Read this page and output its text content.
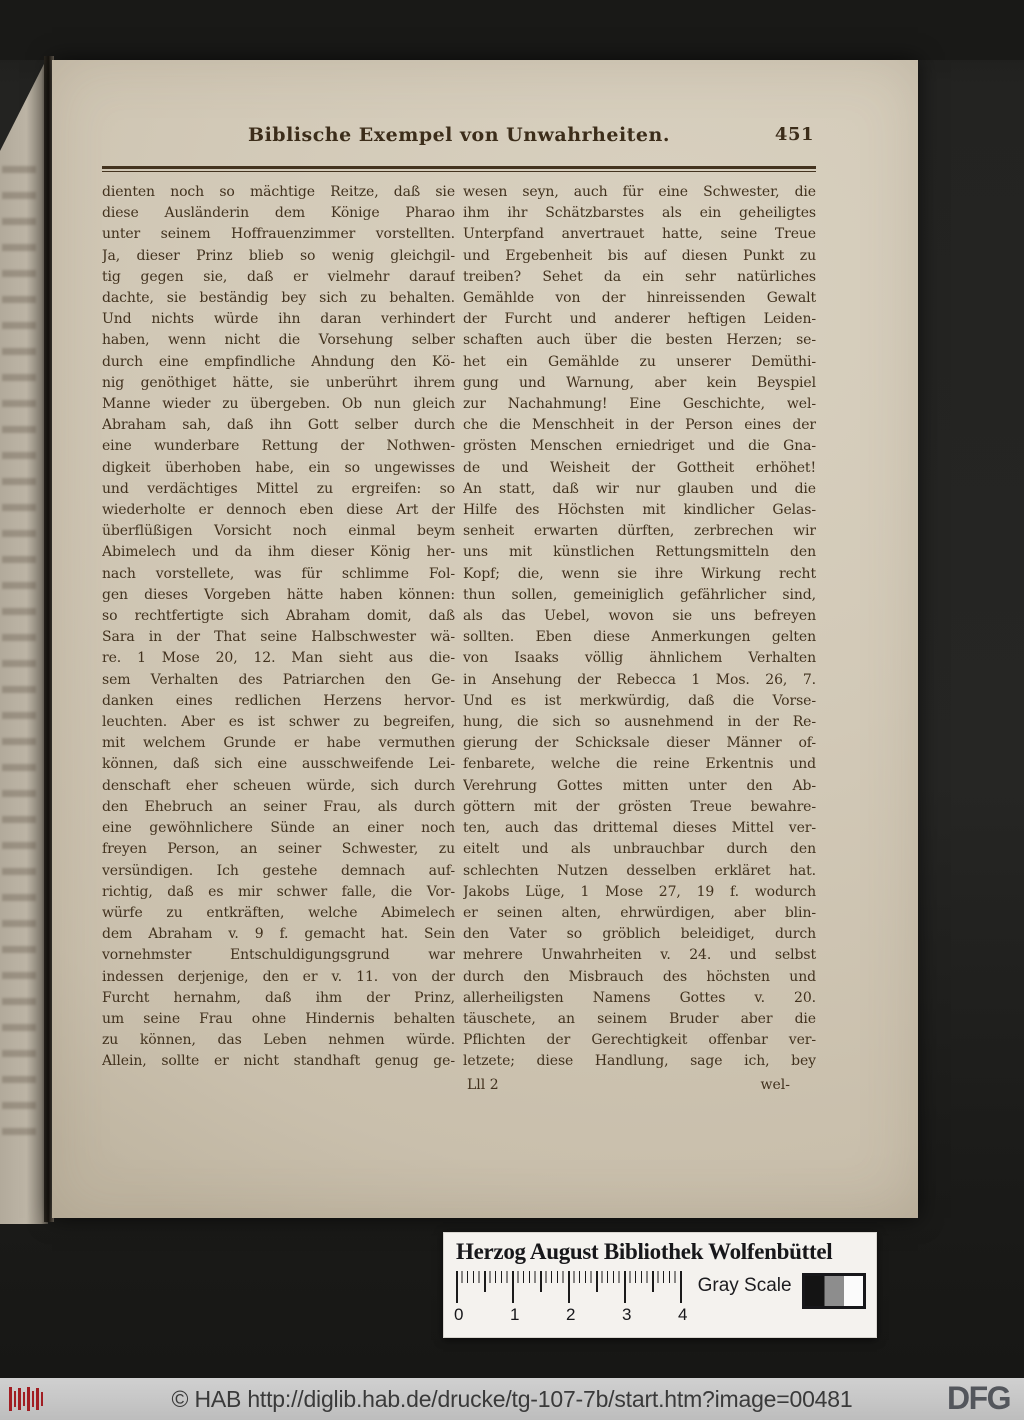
Biblische Exempel von Unwahrheiten.	451
dienten noch so mächtige Reitze, daß sie
diese Ausländerin dem Könige Pharao
unter seinem Hoffrauenzimmer vorstellten.
Ja, dieser Prinz blieb so wenig gleichgil-
tig gegen sie, daß er vielmehr darauf
dachte, sie beständig bey sich zu behalten.
Und nichts würde ihn daran verhindert
haben, wenn nicht die Vorsehung selber
durch eine empfindliche Ahndung den Kö-
nig genöthiget hätte, sie unberührt ihrem
Manne wieder zu übergeben. Ob nun gleich
Abraham sah, daß ihn Gott selber durch
eine wunderbare Rettung der Nothwen-
digkeit überhoben habe, ein so ungewisses
und verdächtiges Mittel zu ergreifen: so
wiederholte er dennoch eben diese Art der
überflüßigen Vorsicht noch einmal beym
Abimelech und da ihm dieser König her-
nach vorstellete, was für schlimme Fol-
gen dieses Vorgeben hätte haben können:
so rechtfertigte sich Abraham domit, daß
Sara in der That seine Halbschwester wä-
re. 1 Mose 20, 12. Man sieht aus die-
sem Verhalten des Patriarchen den Ge-
danken eines redlichen Herzens hervor-
leuchten. Aber es ist schwer zu begreifen,
mit welchem Grunde er habe vermuthen
können, daß sich eine ausschweifende Lei-
denschaft eher scheuen würde, sich durch
den Ehebruch an seiner Frau, als durch
eine gewöhnlichere Sünde an einer noch
freyen Person, an seiner Schwester, zu
versündigen. Ich gestehe demnach auf-
richtig, daß es mir schwer falle, die Vor-
würfe zu entkräften, welche Abimelech
dem Abraham v. 9 f. gemacht hat. Sein
vornehmster Entschuldigungsgrund war
indessen derjenige, den er v. 11. von der
Furcht hernahm, daß ihm der Prinz,
um seine Frau ohne Hindernis behalten
zu können, das Leben nehmen würde.
Allein, sollte er nicht standhaft genug ge-
wesen seyn, auch für eine Schwester, die
ihm ihr Schätzbarstes als ein geheiligtes
Unterpfand anvertrauet hatte, seine Treue
und Ergebenheit bis auf diesen Punkt zu
treiben? Sehet da ein sehr natürliches
Gemählde von der hinreissenden Gewalt
der Furcht und anderer heftigen Leiden-
schaften auch über die besten Herzen; se-
het ein Gemählde zu unserer Demüthi-
gung und Warnung, aber kein Beyspiel
zur Nachahmung! Eine Geschichte, wel-
che die Menschheit in der Person eines der
grösten Menschen erniedriget und die Gna-
de und Weisheit der Gottheit erhöhet!
An statt, daß wir nur glauben und die
Hilfe des Höchsten mit kindlicher Gelas-
senheit erwarten dürften, zerbrechen wir
uns mit künstlichen Rettungsmitteln den
Kopf; die, wenn sie ihre Wirkung recht
thun sollen, gemeiniglich gefährlicher sind,
als das Uebel, wovon sie uns befreyen
sollten. Eben diese Anmerkungen gelten
von Isaaks völlig ähnlichem Verhalten
in Ansehung der Rebecca 1 Mos. 26, 7.
Und es ist merkwürdig, daß die Vorse-
hung, die sich so ausnehmend in der Re-
gierung der Schicksale dieser Männer of-
fenbarete, welche die reine Erkentnis und
Verehrung Gottes mitten unter den Ab-
göttern mit der grösten Treue bewahre-
ten, auch das drittemal dieses Mittel ver-
eitelt und als unbrauchbar durch den
schlechten Nutzen desselben erkläret hat.
Jakobs Lüge, 1 Mose 27, 19 f. wodurch
er seinen alten, ehrwürdigen, aber blin-
den Vater so gröblich beleidiget, durch
mehrere Unwahrheiten v. 24. und selbst
durch den Misbrauch des höchsten und
allerheiligsten Namens Gottes v. 20.
täuschete, an seinem Bruder aber die
Pflichten der Gerechtigkeit offenbar ver-
letzete; diese Handlung, sage ich, bey
Lll 2	wel-
Herzog August Bibliothek Wolfenbüttel
0	1	2	3	4
Gray Scale
© HAB http://diglib.hab.de/drucke/tg-107-7b/start.htm?image=00481	DFG
